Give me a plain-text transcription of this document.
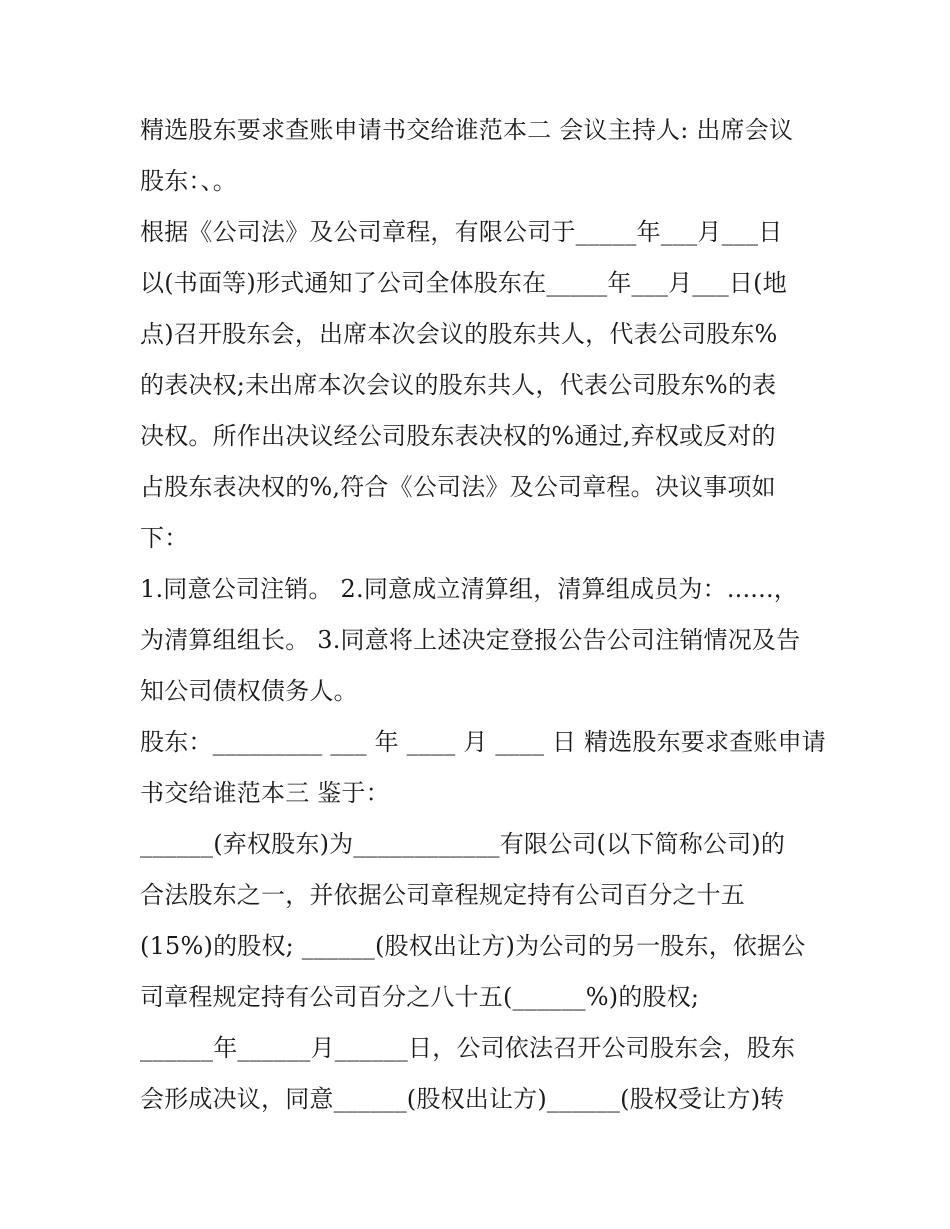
精选股东要求查账申请书交给谁范本二 会议主持人: 出席会议
股东：、。
根据《公司法》及公司章程，有限公司于_____年___月___日
以(书面等)形式通知了公司全体股东在_____年___月___日(地
点)召开股东会，出席本次会议的股东共人，代表公司股东%
的表决权;未出席本次会议的股东共人，代表公司股东%的表
决权。所作出决议经公司股东表决权的%通过,弃权或反对的
占股东表决权的%,符合《公司法》及公司章程。决议事项如
下：
1.同意公司注销。 2.同意成立清算组，清算组成员为：......，
为清算组组长。 3.同意将上述决定登报公告公司注销情况及告
知公司债权债务人。
股东：_________ ___ 年 ____ 月 ____ 日 精选股东要求查账申请
书交给谁范本三 鉴于：
______(弃权股东)为____________有限公司(以下简称公司)的
合法股东之一，并依据公司章程规定持有公司百分之十五
(15%)的股权; ______(股权出让方)为公司的另一股东，依据公
司章程规定持有公司百分之八十五(______%)的股权;
______年______月______日，公司依法召开公司股东会，股东
会形成决议，同意______(股权出让方)______(股权受让方)转
